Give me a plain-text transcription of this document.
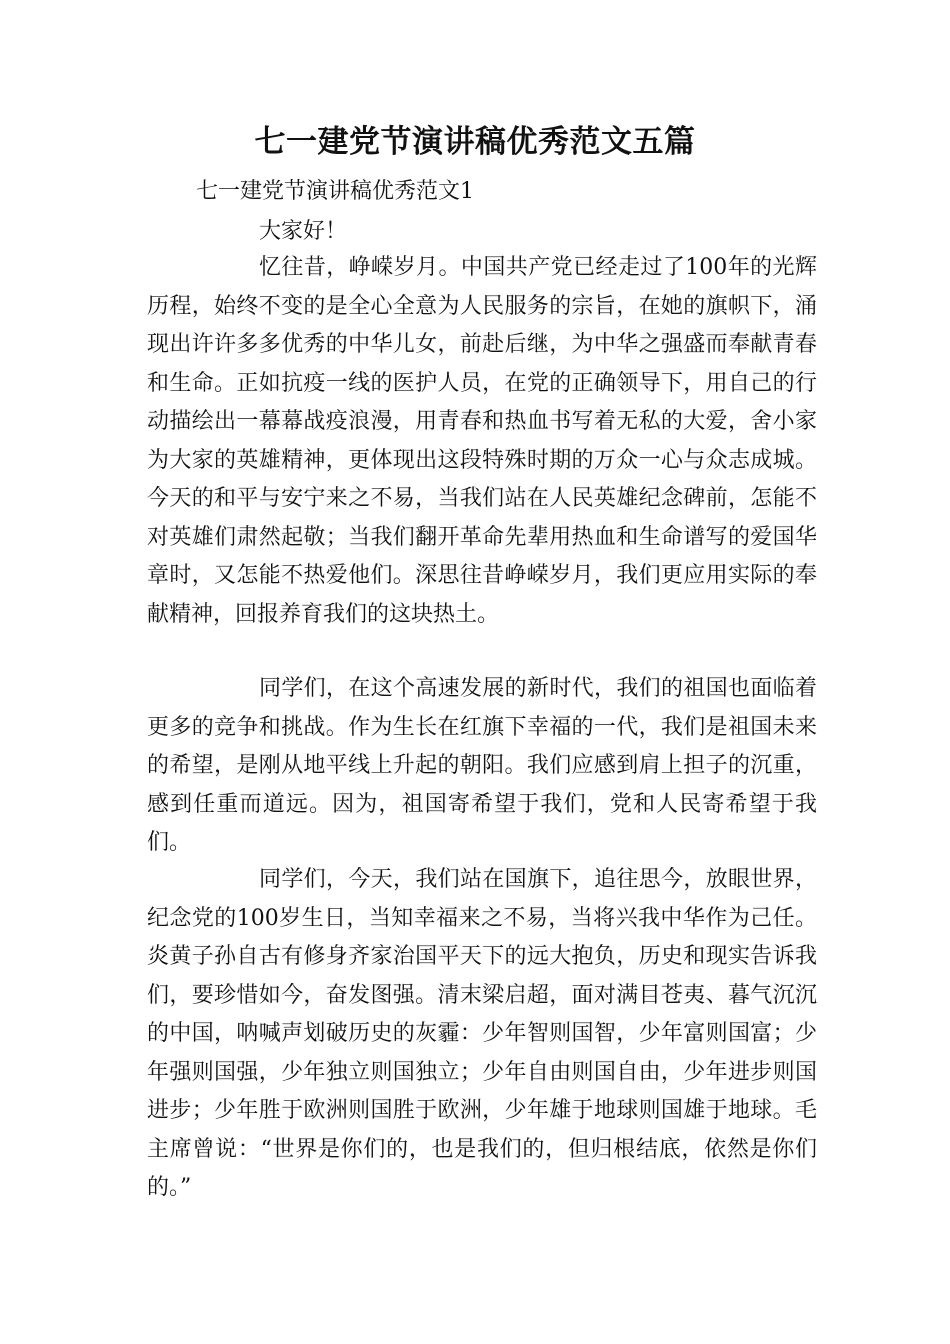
七一建党节演讲稿优秀范文五篇
七一建党节演讲稿优秀范文1
大家好！

忆往昔，峥嵘岁月。中国共产党已经走过了100年的光辉历程，始终不变的是全心全意为人民服务的宗旨，在她的旗帜下，涌现出许许多多优秀的中华儿女，前赴后继，为中华之强盛而奉献青春和生命。正如抗疫一线的医护人员，在党的正确领导下，用自己的行动描绘出一幕幕战疫浪漫，用青春和热血书写着无私的大爱，舍小家为大家的英雄精神，更体现出这段特殊时期的万众一心与众志成城。今天的和平与安宁来之不易，当我们站在人民英雄纪念碑前，怎能不对英雄们肃然起敬；当我们翻开革命先辈用热血和生命谱写的爱国华章时，又怎能不热爱他们。深思往昔峥嵘岁月，我们更应用实际的奉献精神，回报养育我们的这块热土。

同学们，在这个高速发展的新时代，我们的祖国也面临着更多的竞争和挑战。作为生长在红旗下幸福的一代，我们是祖国未来的希望，是刚从地平线上升起的朝阳。我们应感到肩上担子的沉重，感到任重而道远。因为，祖国寄希望于我们，党和人民寄希望于我们。

同学们，今天，我们站在国旗下，追往思今，放眼世界，纪念党的100岁生日，当知幸福来之不易，当将兴我中华作为己任。炎黄子孙自古有修身齐家治国平天下的远大抱负，历史和现实告诉我们，要珍惜如今，奋发图强。清末梁启超，面对满目苍夷、暮气沉沉的中国，呐喊声划破历史的灰霾：少年智则国智，少年富则国富；少年强则国强，少年独立则国独立；少年自由则国自由，少年进步则国进步；少年胜于欧洲则国胜于欧洲，少年雄于地球则国雄于地球。毛主席曾说：“世界是你们的，也是我们的，但归根结底，依然是你们的。”
